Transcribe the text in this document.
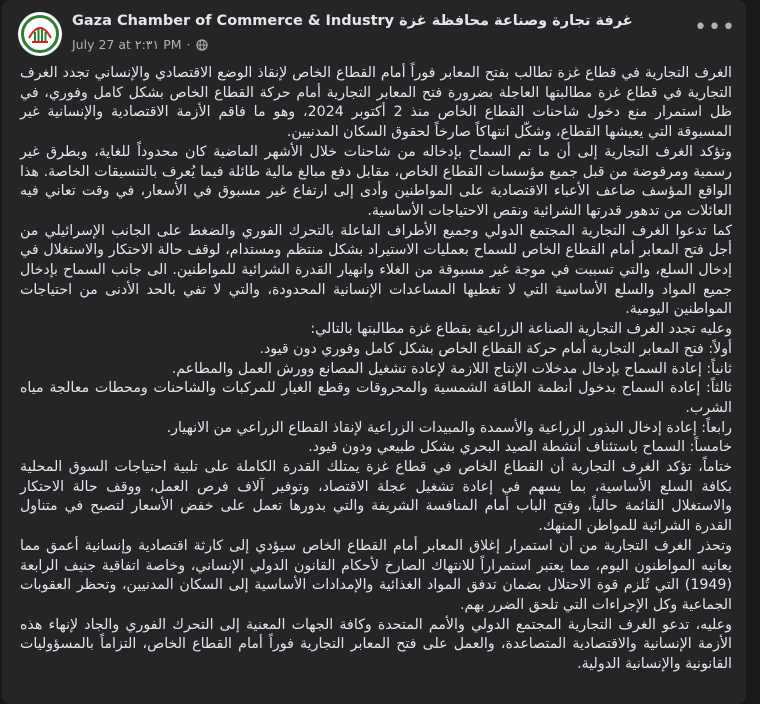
Gaza Chamber of Commerce & Industry غرفة تجارة وصناعة محافظة غزة
July 27 at ٢:٣١ PM ·
•••

الغرف التجارية في قطاع غزة تطالب بفتح المعابر فوراً أمام القطاع الخاص لإنقاذ الوضع الاقتصادي والإنساني تجدد الغرف التجارية في قطاع غزة مطالبتها العاجلة بضرورة فتح المعابر التجارية أمام حركة القطاع الخاص بشكل كامل وفوري، في ظل استمرار منع دخول شاحنات القطاع الخاص منذ 2 أكتوبر 2024، وهو ما فاقم الأزمة الاقتصادية والإنسانية غير المسبوقة التي يعيشها القطاع، وشكّل انتهاكاً صارخاً لحقوق السكان المدنيين.

وتؤكد الغرف التجارية إلى أن ما تم السماح بإدخاله من شاحنات خلال الأشهر الماضية كان محدوداً للغاية، وبطرق غير رسمية ومرفوضة من قبل جميع مؤسسات القطاع الخاص، مقابل دفع مبالغ مالية طائلة فيما يُعرف بالتنسيقات الخاصة. هذا الواقع المؤسف ضاعف الأعباء الاقتصادية على المواطنين وأدى إلى ارتفاع غير مسبوق في الأسعار، في وقت تعاني فيه العائلات من تدهور قدرتها الشرائية ونقص الاحتياجات الأساسية.

كما تدعوا الغرف التجارية المجتمع الدولي وجميع الأطراف الفاعلة بالتحرك الفوري والضغط على الجانب الإسرائيلي من أجل فتح المعابر أمام القطاع الخاص للسماح بعمليات الاستيراد بشكل منتظم ومستدام، لوقف حالة الاحتكار والاستغلال في إدخال السلع، والتي تسببت في موجة غير مسبوقة من الغلاء وانهيار القدرة الشرائية للمواطنين. الى جانب السماح بإدخال جميع المواد والسلع الأساسية التي لا تغطيها المساعدات الإنسانية المحدودة، والتي لا تفي بالحد الأدنى من احتياجات المواطنين اليومية.

وعليه تجدد الغرف التجارية الصناعة الزراعية بقطاع غزة مطالبتها بالتالي:

أولاً: فتح المعابر التجارية أمام حركة القطاع الخاص بشكل كامل وفوري دون قيود.

ثانياً: إعادة السماح بإدخال مدخلات الإنتاج اللازمة لإعادة تشغيل المصانع وورش العمل والمطاعم.

ثالثاً: إعادة السماح بدخول أنظمة الطاقة الشمسية والمحروقات وقطع الغيار للمركبات والشاحنات ومحطات معالجة مياه الشرب.

رابعاً: إعادة إدخال البذور الزراعية والأسمدة والمبيدات الزراعية لإنقاذ القطاع الزراعي من الانهيار.

خامساً: السماح باستئناف أنشطة الصيد البحري بشكل طبيعي ودون قيود.

ختاماً، تؤكد الغرف التجارية أن القطاع الخاص في قطاع غزة يمتلك القدرة الكاملة على تلبية احتياجات السوق المحلية بكافة السلع الأساسية، بما يسهم في إعادة تشغيل عجلة الاقتصاد، وتوفير آلاف فرص العمل، ووقف حالة الاحتكار والاستغلال القائمة حالياً، وفتح الباب أمام المنافسة الشريفة والتي بدورها تعمل على خفض الأسعار لتصبح في متناول القدرة الشرائية للمواطن المنهك.

وتحذر الغرف التجارية من أن استمرار إغلاق المعابر أمام القطاع الخاص سيؤدي إلى كارثة اقتصادية وإنسانية أعمق مما يعانيه المواطنون اليوم، مما يعتبر استمراراً للانتهاك الصارخ لأحكام القانون الدولي الإنساني، وخاصة اتفاقية جنيف الرابعة (1949) التي تُلزم قوة الاحتلال بضمان تدفق المواد الغذائية والإمدادات الأساسية إلى السكان المدنيين، وتحظر العقوبات الجماعية وكل الإجراءات التي تلحق الضرر بهم.

وعليه، تدعو الغرف التجارية المجتمع الدولي والأمم المتحدة وكافة الجهات المعنية إلى التحرك الفوري والجاد لإنهاء هذه الأزمة الإنسانية والاقتصادية المتصاعدة، والعمل على فتح المعابر التجارية فوراً أمام القطاع الخاص، التزاماً بالمسؤوليات القانونية والإنسانية الدولية.
